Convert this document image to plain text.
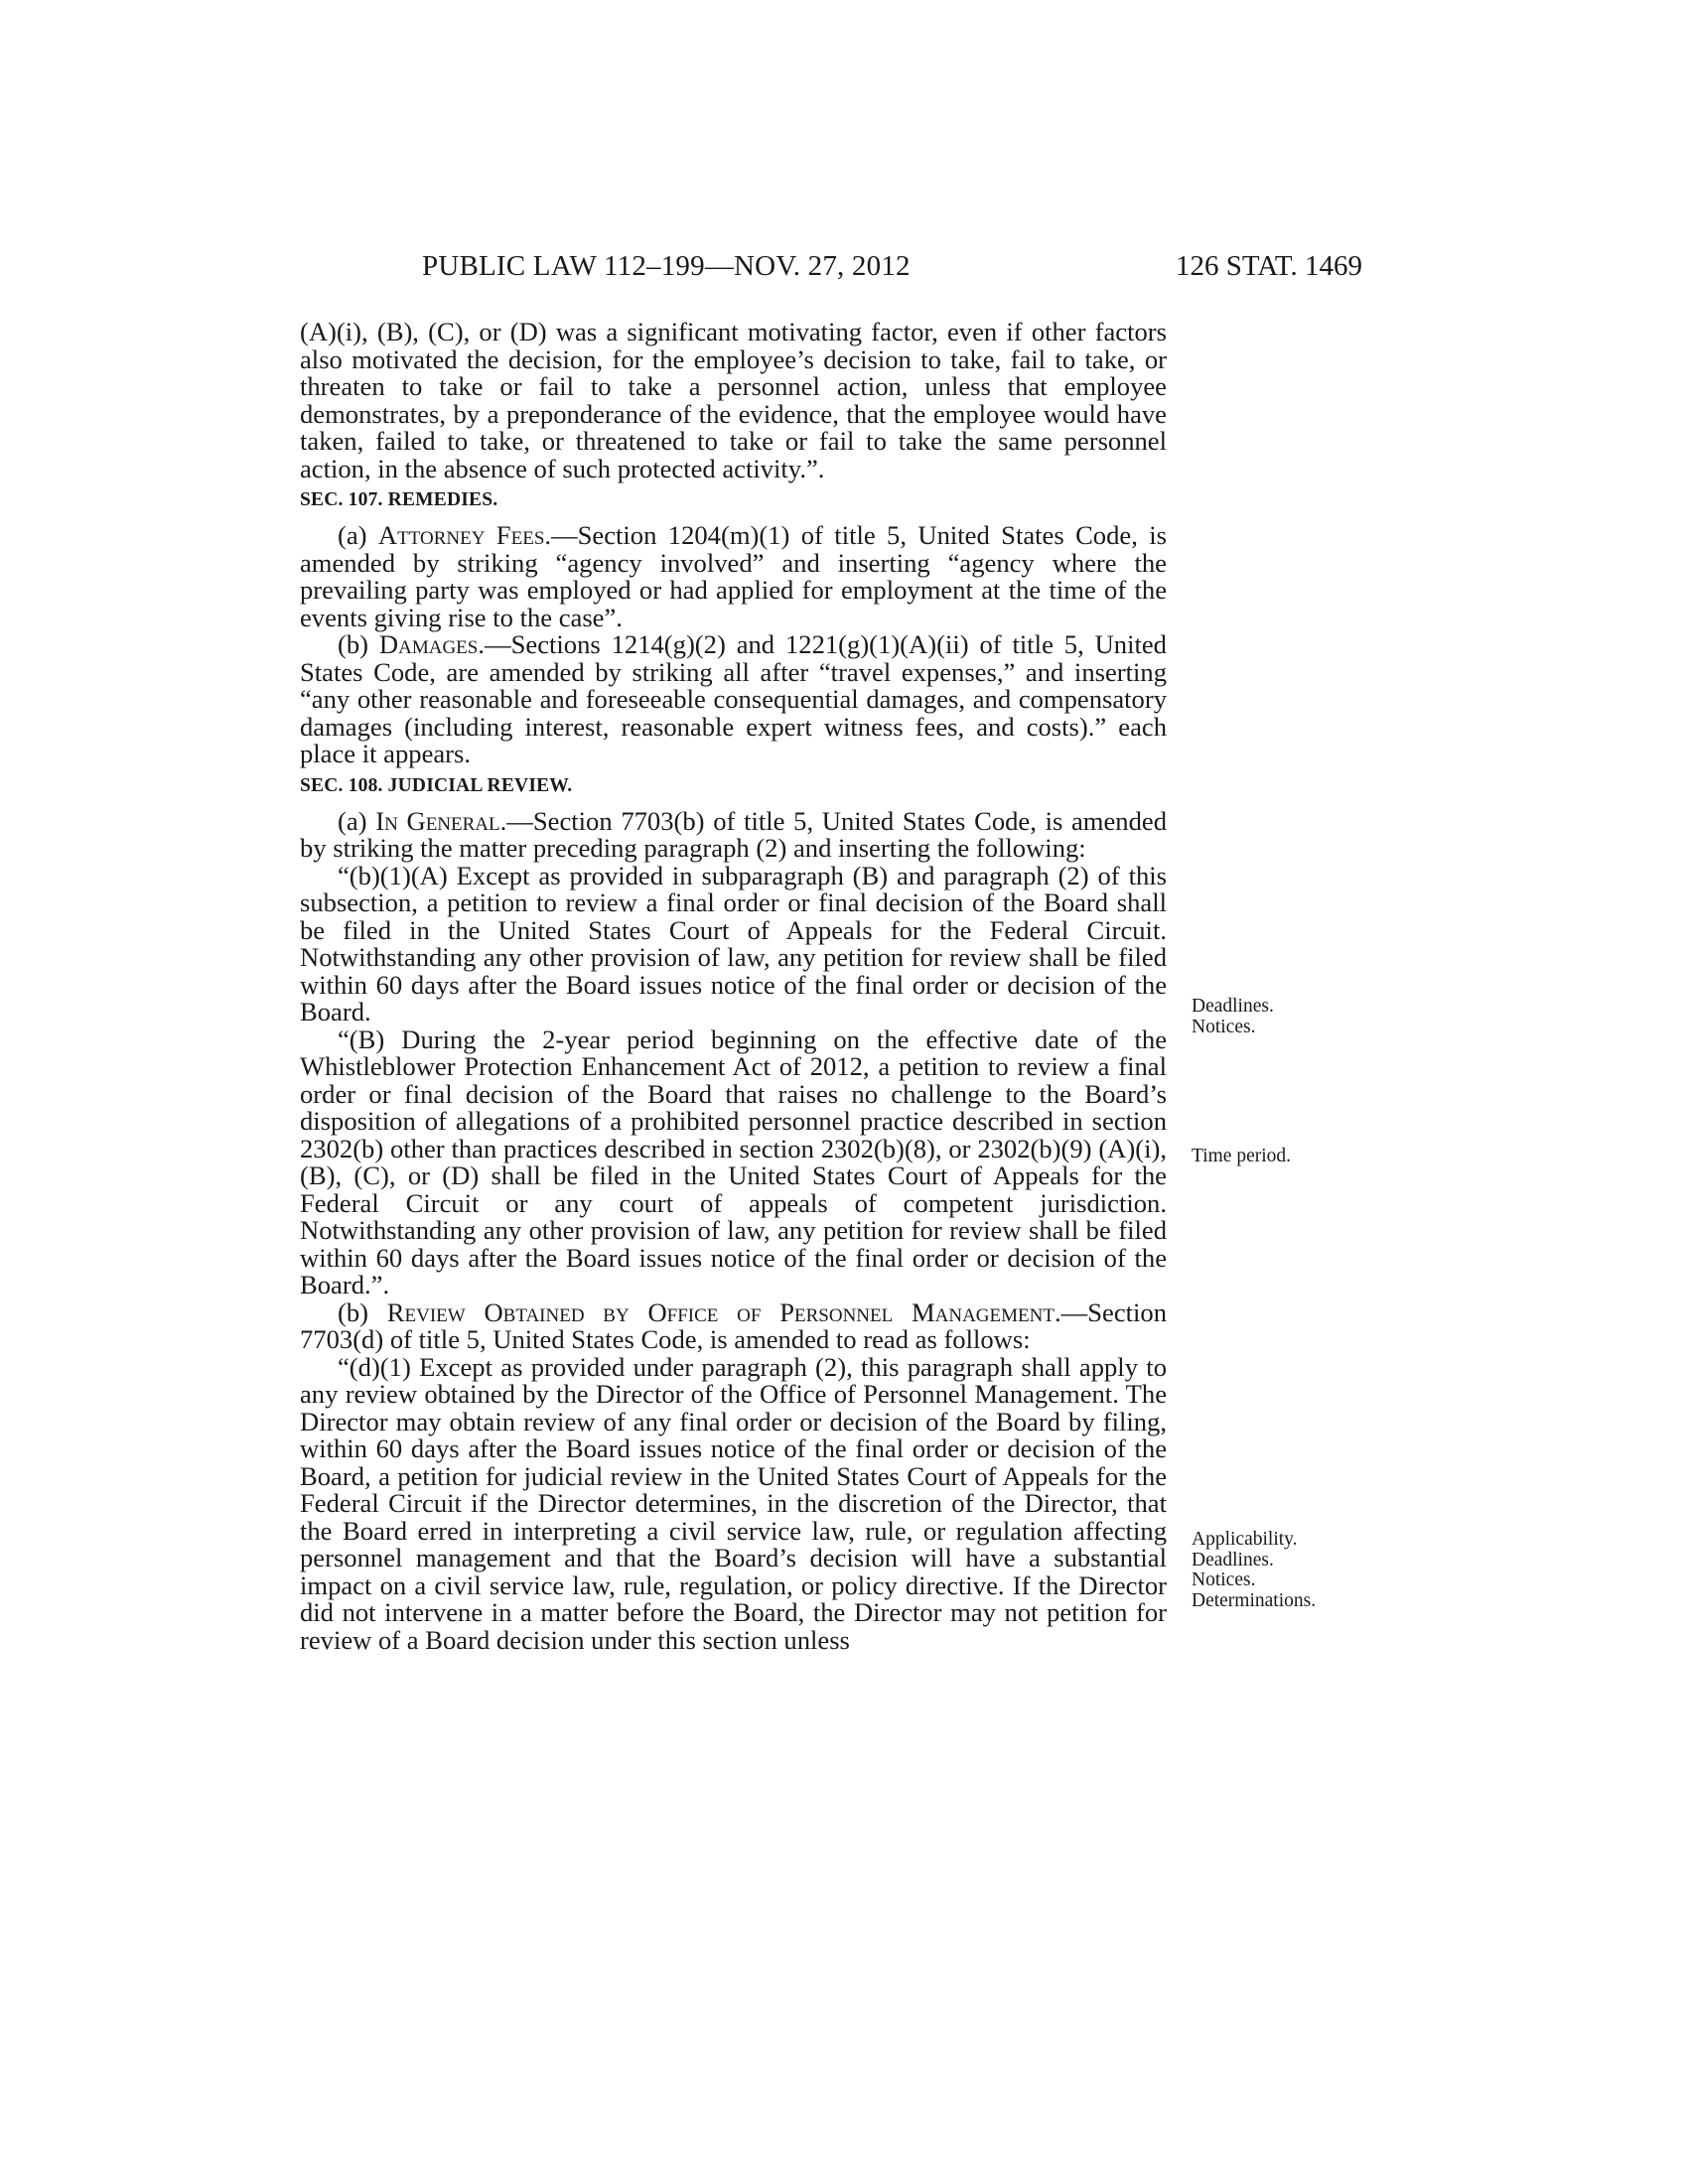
PUBLIC LAW 112–199—NOV. 27, 2012	126 STAT. 1469

(A)(i), (B), (C), or (D) was a significant motivating factor, even if other factors also motivated the decision, for the employee’s decision to take, fail to take, or threaten to take or fail to take a personnel action, unless that employee demonstrates, by a preponderance of the evidence, that the employee would have taken, failed to take, or threatened to take or fail to take the same personnel action, in the absence of such protected activity.”.

SEC. 107. REMEDIES.

(a) Attorney Fees.—Section 1204(m)(1) of title 5, United States Code, is amended by striking “agency involved” and inserting “agency where the prevailing party was employed or had applied for employment at the time of the events giving rise to the case”.

(b) Damages.—Sections 1214(g)(2) and 1221(g)(1)(A)(ii) of title 5, United States Code, are amended by striking all after “travel expenses,” and inserting “any other reasonable and foreseeable consequential damages, and compensatory damages (including interest, reasonable expert witness fees, and costs).” each place it appears.

SEC. 108. JUDICIAL REVIEW.

(a) In General.—Section 7703(b) of title 5, United States Code, is amended by striking the matter preceding paragraph (2) and inserting the following:

“(b)(1)(A) Except as provided in subparagraph (B) and paragraph (2) of this subsection, a petition to review a final order or final decision of the Board shall be filed in the United States Court of Appeals for the Federal Circuit. Notwithstanding any other provision of law, any petition for review shall be filed within 60 days after the Board issues notice of the final order or decision of the Board.

“(B) During the 2-year period beginning on the effective date of the Whistleblower Protection Enhancement Act of 2012, a petition to review a final order or final decision of the Board that raises no challenge to the Board’s disposition of allegations of a prohibited personnel practice described in section 2302(b) other than practices described in section 2302(b)(8), or 2302(b)(9) (A)(i), (B), (C), or (D) shall be filed in the United States Court of Appeals for the Federal Circuit or any court of appeals of competent jurisdiction. Notwithstanding any other provision of law, any petition for review shall be filed within 60 days after the Board issues notice of the final order or decision of the Board.”.

(b) Review Obtained by Office of Personnel Management.—Section 7703(d) of title 5, United States Code, is amended to read as follows:

“(d)(1) Except as provided under paragraph (2), this paragraph shall apply to any review obtained by the Director of the Office of Personnel Management. The Director may obtain review of any final order or decision of the Board by filing, within 60 days after the Board issues notice of the final order or decision of the Board, a petition for judicial review in the United States Court of Appeals for the Federal Circuit if the Director determines, in the discretion of the Director, that the Board erred in interpreting a civil service law, rule, or regulation affecting personnel management and that the Board’s decision will have a substantial impact on a civil service law, rule, regulation, or policy directive. If the Director did not intervene in a matter before the Board, the Director may not petition for review of a Board decision under this section unless

Deadlines.
Notices.
Time period.
Applicability.
Deadlines.
Notices.
Determinations.
